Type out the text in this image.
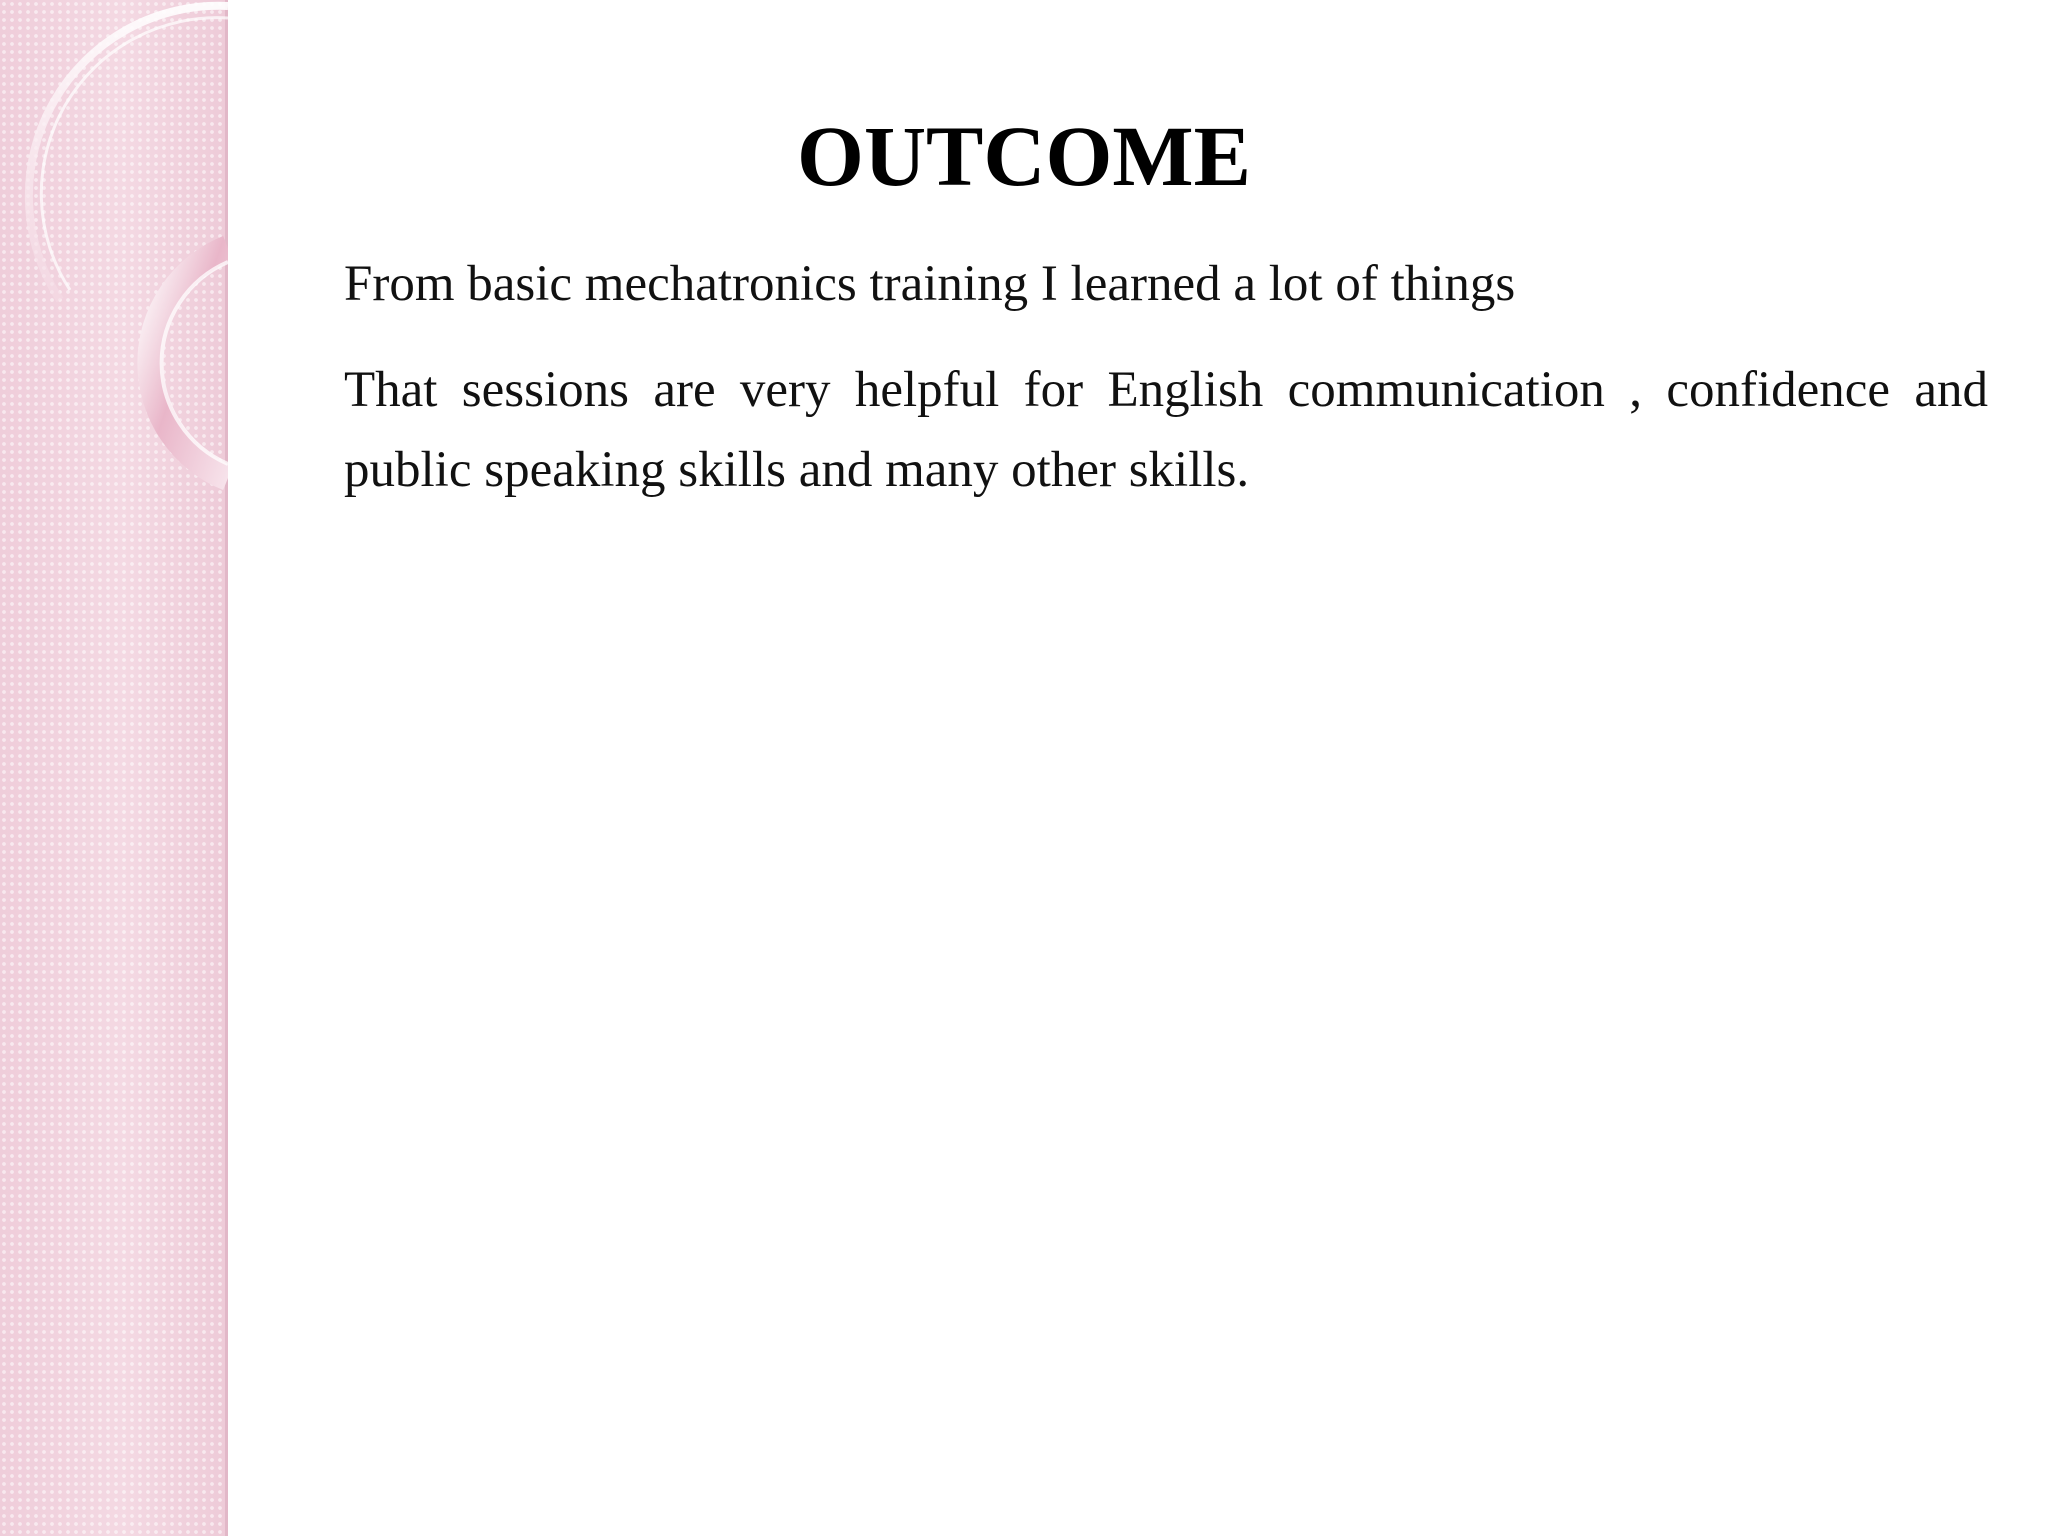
OUTCOME

From basic mechatronics training I learned a lot of things

That sessions are very helpful for English communication , confidence and public speaking skills and many other skills.
